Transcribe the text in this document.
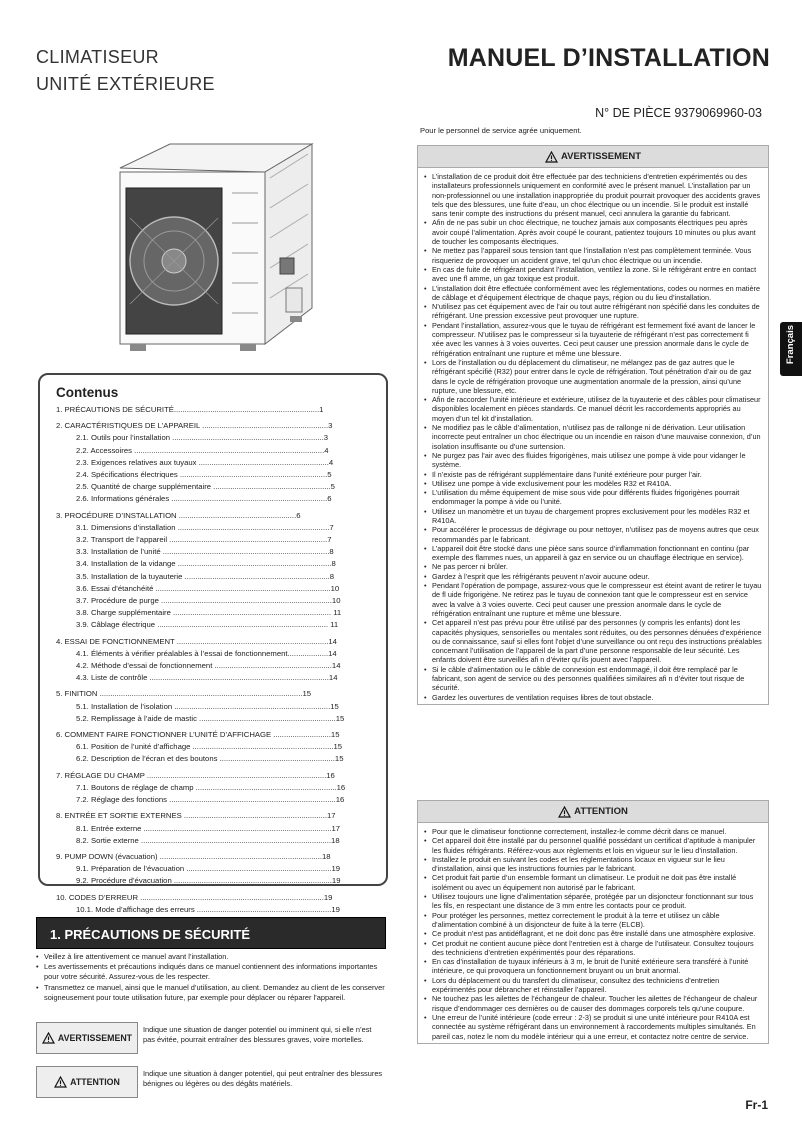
CLIMATISEUR
UNITÉ EXTÉRIEURE
MANUEL D’INSTALLATION
N° DE PIÈCE 9379069960-03
Pour le personnel de service agrée uniquement.
Français
Contenus
1. PRÉCAUTIONS DE SÉCURITÉ....................................................................1
2. CARACTÉRISTIQUES DE L’APPAREIL ...........................................................3
2.1. Outils pour l’installation .......................................................................3
2.2. Accessoires .........................................................................................4
2.3. Exigences relatives aux tuyaux .............................................................4
2.4. Spécifications électriques .....................................................................5
2.5. Quantité de charge supplémentaire .......................................................5
2.6. Informations générales .........................................................................6
3. PROCÉDURE D’INSTALLATION .......................................................6
3.1. Dimensions d’installation .......................................................................7
3.2. Transport de l’appareil ..........................................................................7
3.3. Installation de l’unité ..............................................................................8
3.4. Installation de la vidange ........................................................................8
3.5. Installation de la tuyauterie ....................................................................8
3.6. Essai d’étanchéité ..................................................................................10
3.7. Procédure de purge ................................................................................10
3.8. Charge supplémentaire .......................................................................... 11
3.9. Câblage électrique ................................................................................ 11
4. ESSAI DE FONCTIONNEMENT .......................................................................14
4.1. Éléments à vérifier préalables à l’essai de fonctionnement...................14
4.2. Méthode d’essai de fonctionnement .......................................................14
4.3. Liste de contrôle ....................................................................................14
5. FINITION ...............................................................................................15
5.1. Installation de l’isolation .........................................................................15
5.2. Remplissage à l’aide de mastic ................................................................15
6. COMMENT FAIRE FONCTIONNER L’UNITÉ D’AFFICHAGE ...........................15
6.1. Position de l’unité d’affichage ..................................................................15
6.2. Description de l’écran et des boutons ......................................................15
7. RÉGLAGE DU CHAMP ....................................................................................16
7.1. Boutons de réglage de champ ..................................................................16
7.2. Réglage des fonctions ..............................................................................16
8. ENTRÉE ET SORTIE EXTERNES ...................................................................17
8.1. Entrée externe ........................................................................................17
8.2. Sortie externe .........................................................................................18
9. PUMP DOWN (évacuation) ............................................................................18
9.1. Préparation de l’évacuation ....................................................................19
9.2. Procédure d’évacuation ..........................................................................19
10. CODES D’ERREUR ......................................................................................19
10.1. Mode d’affichage des erreurs ...............................................................19
1. PRÉCAUTIONS DE SÉCURITÉ
• Veillez à lire attentivement ce manuel avant l’installation.
• Les avertissements et précautions indiqués dans ce manuel contiennent des informations importantes pour votre sécurité. Assurez-vous de les respecter.
• Transmettez ce manuel, ainsi que le manuel d’utilisation, au client. Demandez au client de les conserver soigneusement pour toute utilisation future, par exemple pour déplacer ou réparer l’appareil.
AVERTISSEMENT
Indique une situation de danger potentiel ou imminent qui, si elle n’est pas évitée, pourrait entraîner des blessures graves, voire mortelles.
ATTENTION
Indique une situation à danger potentiel, qui peut entraîner des blessures bénignes ou légères ou des dégâts matériels.
AVERTISSEMENT
• L’installation de ce produit doit être effectuée par des techniciens d’entretien expérimentés ou des installateurs professionnels uniquement en conformité avec le présent manuel. L’installation par un non-professionnel ou une installation inappropriée du produit pourrait provoquer des accidents graves tels que des blessures, une fuite d’eau, un choc électrique ou un incendie. Si le produit est installé sans tenir compte des instructions du présent manuel, ceci annulera la garantie du fabricant.
• Afin de ne pas subir un choc électrique, ne touchez jamais aux composants électriques peu après avoir coupé l’alimentation. Après avoir coupé le courant, patientez toujours 10 minutes ou plus avant de toucher les composants électriques.
• Ne mettez pas l’appareil sous tension tant que l’installation n’est pas complètement terminée. Vous risqueriez de provoquer un accident grave, tel qu’un choc électrique ou un incendie.
• En cas de fuite de réfrigérant pendant l’installation, ventilez la zone. Si le réfrigérant entre en contact avec une fl amme, un gaz toxique est produit.
• L’installation doit être effectuée conformément avec les réglementations, codes ou normes en matière de câblage et d’équipement électrique de chaque pays, région ou du lieu d’installation.
• N’utilisez pas cet équipement avec de l’air ou tout autre réfrigérant non spécifié dans les conduites de réfrigérant. Une pression excessive peut provoquer une rupture.
• Pendant l’installation, assurez-vous que le tuyau de réfrigérant est fermement fixé avant de lancer le compresseur. N’utilisez pas le compresseur si la tuyauterie de réfrigérant n’est pas correctement fi xée avec les vannes à 3 voies ouvertes. Ceci peut causer une pression anormale dans le cycle de réfrigération entraînant une rupture et même une blessure.
• Lors de l’installation ou du déplacement du climatiseur, ne mélangez pas de gaz autres que le réfrigérant spécifié (R32) pour entrer dans le cycle de réfrigération. Tout pénétration d’air ou de gaz dans le cycle de réfrigération provoque une augmentation anormale de la pression, ainsi qu’une rupture, une blessure, etc.
• Afin de raccorder l’unité intérieure et extérieure, utilisez de la tuyauterie et des câbles pour climatiseur disponibles localement en pièces standards. Ce manuel décrit les raccordements appropriés au moyen d’un tel kit d’installation.
• Ne modifiez pas le câble d’alimentation, n’utilisez pas de rallonge ni de dérivation. Leur utilisation incorrecte peut entraîner un choc électrique ou un incendie en raison d’une mauvaise connexion, d’un isolation insuffisante ou d’une surtension.
• Ne purgez pas l’air avec des fluides frigorigènes, mais utilisez une pompe à vide pour vidanger le système.
• Il n’existe pas de réfrigérant supplémentaire dans l’unité extérieure pour purger l’air.
• Utilisez une pompe à vide exclusivement pour les modèles R32 et R410A.
• L’utilisation du même équipement de mise sous vide pour différents fluides frigorigènes pourrait endommager la pompe à vide ou l’unité.
• Utilisez un manomètre et un tuyau de chargement propres exclusivement pour les modèles R32 et R410A.
• Pour accélérer le processus de dégivrage ou pour nettoyer, n’utilisez pas de moyens autres que ceux recommandés par le fabricant.
• L’appareil doit être stocké dans une pièce sans source d’inflammation fonctionnant en continu (par exemple des flammes nues, un appareil à gaz en service ou un chauffage électrique en service).
• Ne pas percer ni brûler.
• Gardez à l’esprit que les réfrigérants peuvent n’avoir aucune odeur.
• Pendant l’opération de pompage, assurez-vous que le compresseur est éteint avant de retirer le tuyau de fl uide frigorigène. Ne retirez pas le tuyau de connexion tant que le compresseur est en service avec la valve à 3 voies ouverte. Ceci peut causer une pression anormale dans le cycle de réfrigération entraînant une rupture et même une blessure.
• Cet appareil n’est pas prévu pour être utilisé par des personnes (y compris les enfants) dont les capacités physiques, sensorielles ou mentales sont réduites, ou des personnes dénuées d’expérience ou de connaissance, sauf si elles font l’objet d’une surveillance ou ont reçu des instructions préalables concernant l’utilisation de l’appareil de la part d’une personne responsable de leur sécurité. Les enfants doivent être surveillés afi n d’éviter qu’ils jouent avec l’appareil.
• Si le câble d’alimentation ou le câble de connexion est endommagé, il doit être remplacé par le fabricant, son agent de service ou des personnes qualifiées similaires afi n d’éviter tout risque de sécurité.
• Gardez les ouvertures de ventilation requises libres de tout obstacle.
ATTENTION
• Pour que le climatiseur fonctionne correctement, installez-le comme décrit dans ce manuel.
• Cet appareil doit être installé par du personnel qualifié possédant un certificat d’aptitude à manipuler les fluides réfrigérants. Référez-vous aux règlements et lois en vigueur sur le lieu d’installation.
• Installez le produit en suivant les codes et les réglementations locaux en vigueur sur le lieu d’installation, ainsi que les instructions fournies par le fabricant.
• Cet produit fait partie d’un ensemble formant un climatiseur. Le produit ne doit pas être installé isolément ou avec un équipement non autorisé par le fabricant.
• Utilisez toujours une ligne d’alimentation séparée, protégée par un disjoncteur fonctionnant sur tous les fils, en respectant une distance de 3 mm entre les contacts pour ce produit.
• Pour protéger les personnes, mettez correctement le produit à la terre et utilisez un câble d’alimentation combiné à un disjoncteur de fuite à la terre (ELCB).
• Ce produit n’est pas antidéflagrant, et ne doit donc pas être installé dans une atmosphère explosive.
• Cet produit ne contient aucune pièce dont l’entretien est à charge de l’utilisateur. Consultez toujours des techniciens d’entretien expérimentés pour des réparations.
• En cas d’installation de tuyaux inférieurs à 3 m, le bruit de l’unité extérieure sera transféré à l’unité intérieure, ce qui provoquera un fonctionnement bruyant ou un bruit anormal.
• Lors du déplacement ou du transfert du climatiseur, consultez des techniciens d’entretien expérimentés pour débrancher et réinstaller l’appareil.
• Ne touchez pas les ailettes de l’échangeur de chaleur. Toucher les ailettes de l’échangeur de chaleur risque d’endommager ces dernières ou de causer des dommages corporels tels qu’une coupure.
• Une erreur de l’unité intérieure (code erreur : 2-3) se produit si une unité intérieure pour R410A est connectée au système réfrigérant dans un environnement à raccordements multiples simultanés. En pareil cas, notez le nom du modèle intérieur qui a une erreur, et contactez notre centre de service.
Fr-1
